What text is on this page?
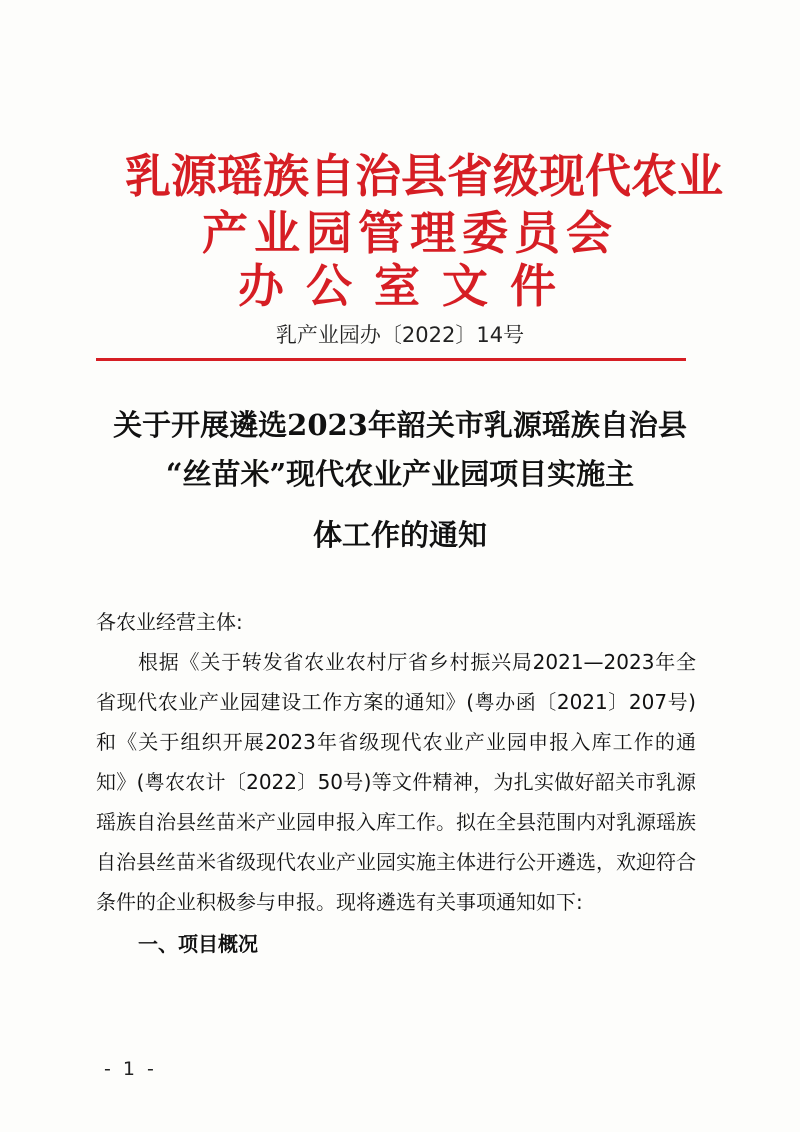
乳源瑶族自治县省级现代农业
产业园管理委员会
办公室文件
乳产业园办〔2022〕14号
关于开展遴选2023年韶关市乳源瑶族自治县
“丝苗米”现代农业产业园项目实施主
体工作的通知

各农业经营主体:

根据《关于转发省农业农村厅省乡村振兴局2021—2023年全省现代农业产业园建设工作方案的通知》(粤办函〔2021〕207号)和《关于组织开展2023年省级现代农业产业园申报入库工作的通知》(粤农农计〔2022〕50号)等文件精神，为扎实做好韶关市乳源瑶族自治县丝苗米产业园申报入库工作。拟在全县范围内对乳源瑶族自治县丝苗米省级现代农业产业园实施主体进行公开遴选，欢迎符合条件的企业积极参与申报。现将遴选有关事项通知如下:

一、项目概况

- 1 -
